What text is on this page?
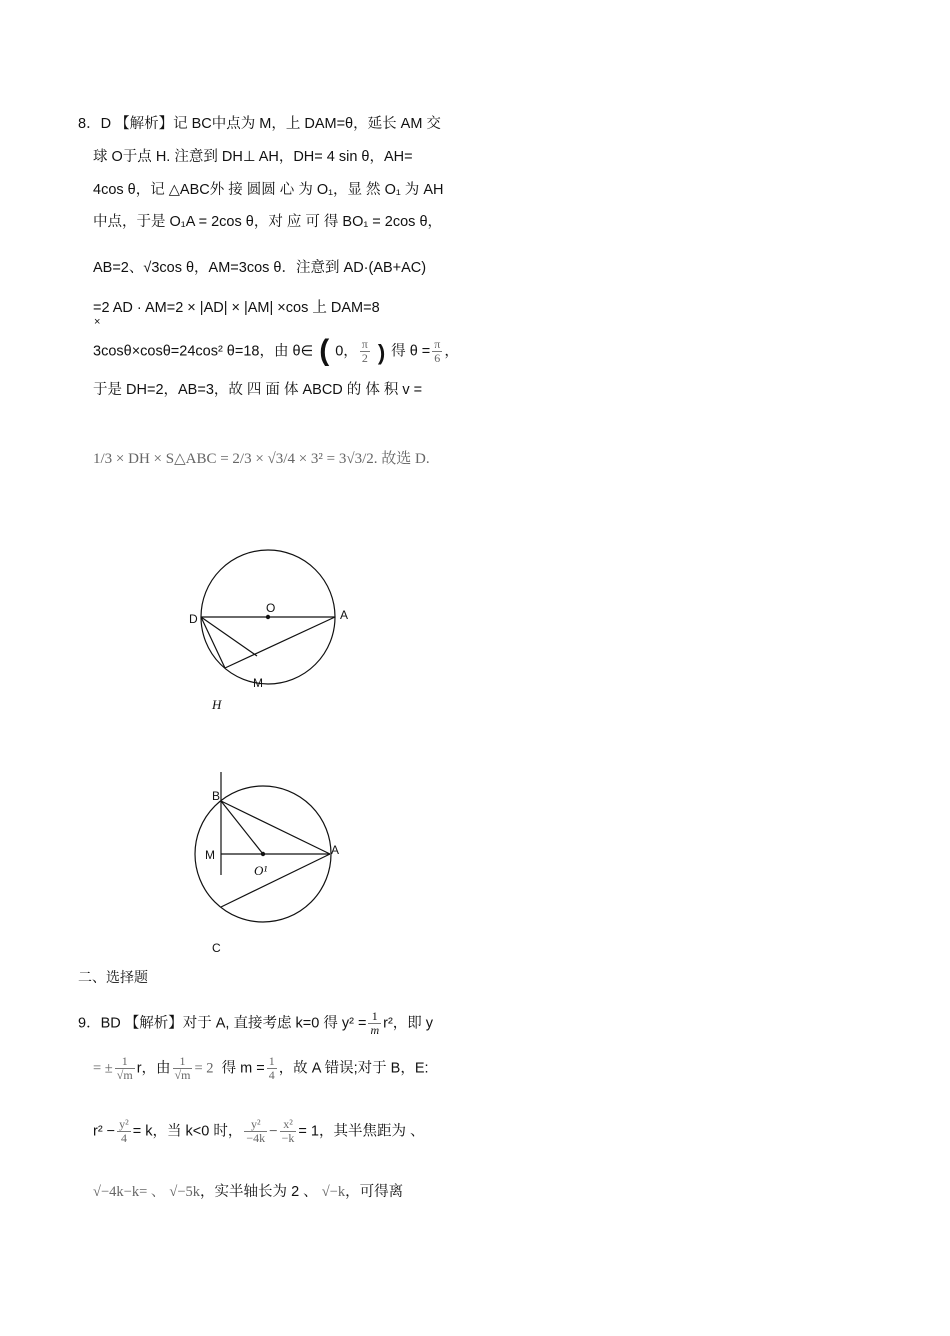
8．D 【解析】记 BC中点为 M，上 DAM=θ，延长 AM 交
球 O于点 H. 注意到 DH⊥ AH，DH= 4 sin θ，AH=
4cos θ，记 △ABC外 接 圆圆 心 为 O₁，显 然 O₁ 为 AH
中点，于是 O₁A = 2cos θ，对 应 可 得 BO₁ = 2cos θ，
AB=2、√3cos θ，AM=3cos θ．注意到 AD·(AB+AC)
=2 AD · AM=2 × |AD| × |AM| ×cos 上 DAM=8
×
3cosθ×cosθ=24cos² θ=18，由 θ∈ ( 0， $\frac{\pi}{2}$ ) 得 $\theta = \frac{\pi}{6}$ ，
于是 DH=2，AB=3，故 四 面 体 ABCD 的 体 积 v =
1/3 × DH × S△ABC = 2/3 × √3/4 × 3² = 3√3/2. 故选 D.
D
O	A
M
H
B
M	A
O¹
C
二、选择题
9．BD 【解析】对于 A, 直接考虑 k=0 得 $y^2 = \frac{1}{m} r^2$，即 y
= ± $\frac{1}{√m}$ r，由 $\frac{1}{√m} = 2$ 得 $m = \frac{1}{4}$ ，故 A 错误;对于 B，E:
$r^2 - \frac{\text{y²}}{4} = k$，当 k<0 时， $\frac{\text{y²}}{-4k} - \frac{\text{x²}}{-k} = 1$，其半焦距为 、
√−4k−k= 、 √−5k，实半轴长为 2 、 √−k，可得离
